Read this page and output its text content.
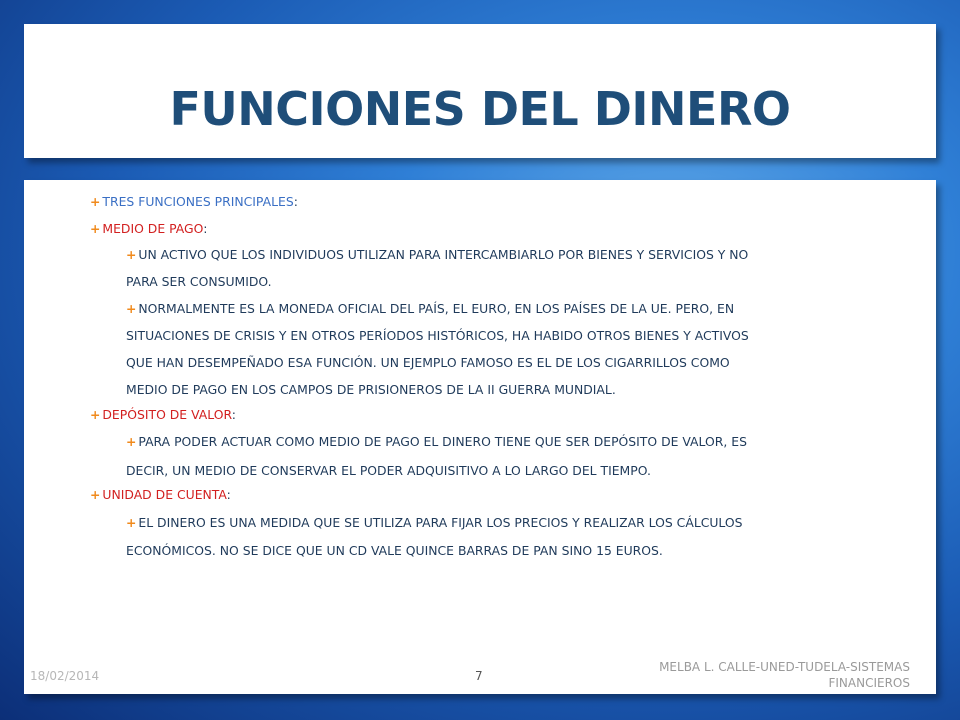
FUNCIONES DEL DINERO
+ TRES FUNCIONES PRINCIPALES:
+ MEDIO DE PAGO:
+ UN ACTIVO QUE LOS INDIVIDUOS UTILIZAN PARA INTERCAMBIARLO POR BIENES Y SERVICIOS Y NO
PARA SER CONSUMIDO.
+ NORMALMENTE ES LA MONEDA OFICIAL DEL PAÍS, EL EURO, EN LOS PAÍSES DE LA UE. PERO, EN
SITUACIONES DE CRISIS Y EN OTROS PERÍODOS HISTÓRICOS, HA HABIDO OTROS BIENES Y ACTIVOS
QUE HAN DESEMPEÑADO ESA FUNCIÓN. UN EJEMPLO FAMOSO ES EL DE LOS CIGARRILLOS COMO
MEDIO DE PAGO EN LOS CAMPOS DE PRISIONEROS DE LA II GUERRA MUNDIAL.
+ DEPÓSITO DE VALOR:
+ PARA PODER ACTUAR COMO MEDIO DE PAGO EL DINERO TIENE QUE SER DEPÓSITO DE VALOR, ES
DECIR, UN MEDIO DE CONSERVAR EL PODER ADQUISITIVO A LO LARGO DEL TIEMPO.
+ UNIDAD DE CUENTA:
+ EL DINERO ES UNA MEDIDA QUE SE UTILIZA PARA FIJAR LOS PRECIOS Y REALIZAR LOS CÁLCULOS
ECONÓMICOS. NO SE DICE QUE UN CD VALE QUINCE BARRAS DE PAN SINO 15 EUROS.
18/02/2014	7
MELBA L. CALLE-UNED-TUDELA-SISTEMAS FINANCIEROS
